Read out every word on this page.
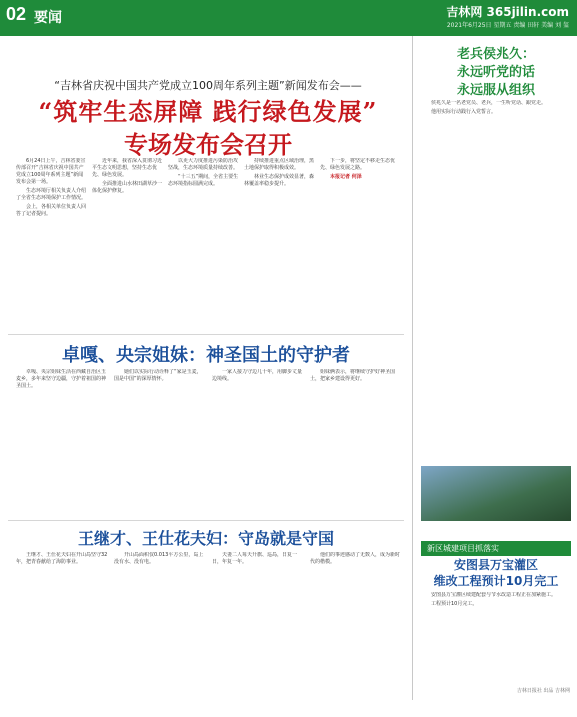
02 要闻	吉林网 365jilin.com
2021年6月25日 星期五 责编 田轩 美编 刘 玺
“吉林省庆祝中国共产党成立100周年系列主题”新闻发布会——
“筑牢生态屏障 践行绿色发展”
专场发布会召开

6月24日上午，吉林省委宣传部召开“吉林省庆祝中国共产党成立100周年系列主题”新闻发布会第一场。

生态环境厅相关负责人介绍了全省生态环境保护工作情况。

会上，各相关单位负责人回答了记者提问。

近年来，我省深入贯彻习近平生态文明思想，坚持生态优先、绿色发展。

全面推进山水林田湖草沙一体化保护修复。

以更大力度推进污染防治攻坚战，生态环境质量持续改善。

“十三五”期间，全省主要生态环境指标圆满完成。

持续推进重点区域治理，黑土地保护取得积极成效。

林业生态保护成效显著，森林覆盖率稳步提升。

下一步，将坚定不移走生态优先、绿色发展之路。

本报记者 何泽

卓嘎、央宗姐妹：神圣国土的守护者

卓嘎、央宗姐妹生活在西藏自治区玉麦乡，多年来坚守边疆，守护着祖国的神圣国土。

她们以实际行动诠释了“家是玉麦，国是中国”的深厚情怀。

一家人接力守边几十年，用脚步丈量边境线。

姐妹俩表示，将继续守护好神圣国土，把家乡建设得更好。

王继才、王仕花夫妇：守岛就是守国

王继才、王仕花夫妇在开山岛坚守32年，把青春献给了海防事业。

开山岛面积仅0.013平方公里，岛上没有水、没有电。

夫妻二人每天升旗、巡岛，日复一日，年复一年。

他们的事迹感动了无数人，成为新时代的楷模。

老兵侯兆久：
永远听党的话
永远服从组织

侯兆久是一名老党员、老兵，一生听党话、跟党走。

他用实际行动践行入党誓言。

新区城建项目抓落实
安图县万宝灌区
维改工程预计10月完工

安图县万宝灌区续建配套与节水改造工程正在加紧施工。

工程预计10月完工。

吉林日报社 出品 吉林网
